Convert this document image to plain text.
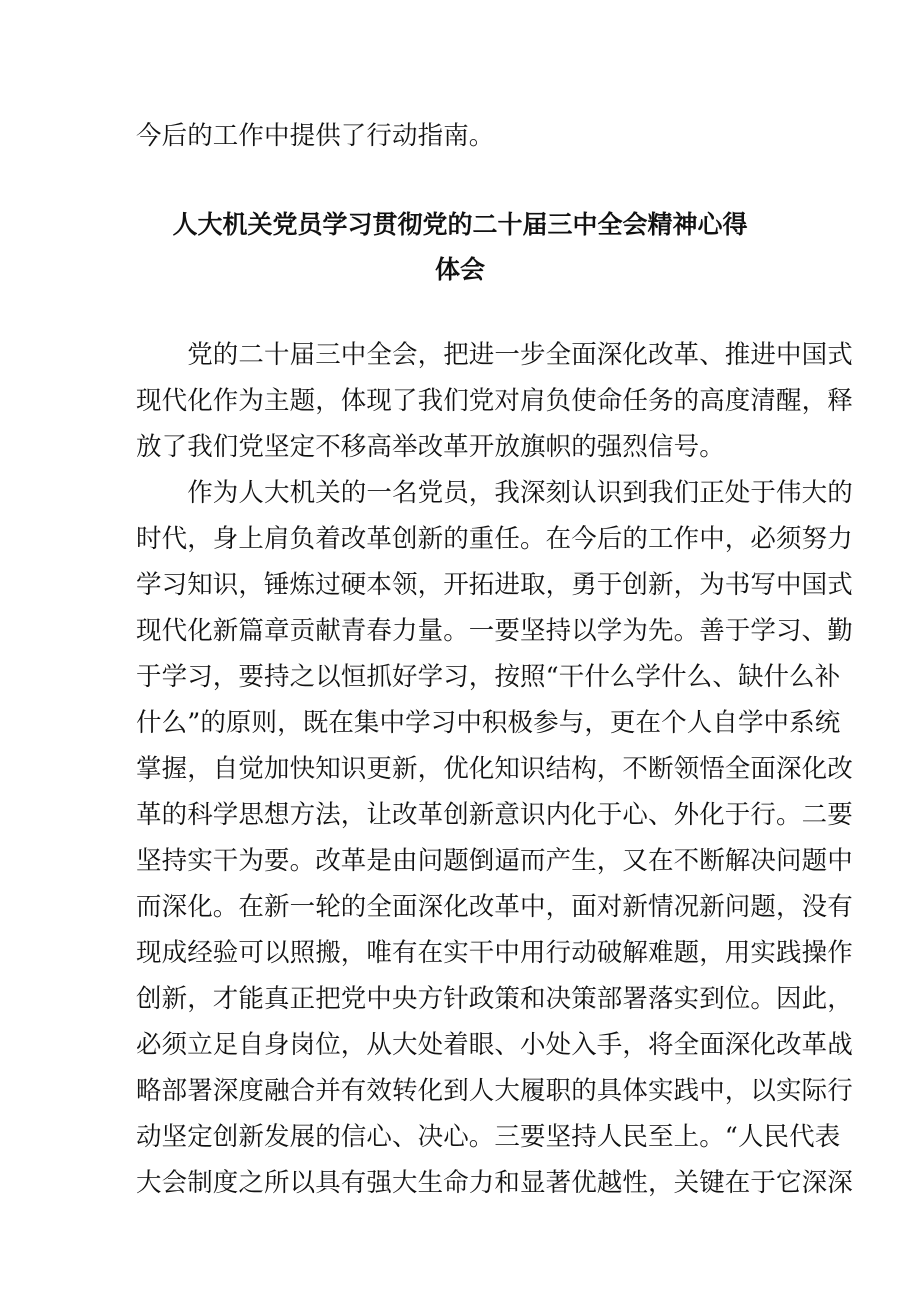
今后的工作中提供了行动指南。
人大机关党员学习贯彻党的二十届三中全会精神心得
体会
　　党的二十届三中全会，把进一步全面深化改革、推进中国式
现代化作为主题，体现了我们党对肩负使命任务的高度清醒，释
放了我们党坚定不移高举改革开放旗帜的强烈信号。
　　作为人大机关的一名党员，我深刻认识到我们正处于伟大的
时代，身上肩负着改革创新的重任。在今后的工作中，必须努力
学习知识，锤炼过硬本领，开拓进取，勇于创新，为书写中国式
现代化新篇章贡献青春力量。一要坚持以学为先。善于学习、勤
于学习，要持之以恒抓好学习，按照“干什么学什么、缺什么补
什么”的原则，既在集中学习中积极参与，更在个人自学中系统
掌握，自觉加快知识更新，优化知识结构，不断领悟全面深化改
革的科学思想方法，让改革创新意识内化于心、外化于行。二要
坚持实干为要。改革是由问题倒逼而产生，又在不断解决问题中
而深化。在新一轮的全面深化改革中，面对新情况新问题，没有
现成经验可以照搬，唯有在实干中用行动破解难题，用实践操作
创新，才能真正把党中央方针政策和决策部署落实到位。因此，
必须立足自身岗位，从大处着眼、小处入手，将全面深化改革战
略部署深度融合并有效转化到人大履职的具体实践中，以实际行
动坚定创新发展的信心、决心。三要坚持人民至上。“人民代表
大会制度之所以具有强大生命力和显著优越性，关键在于它深深
